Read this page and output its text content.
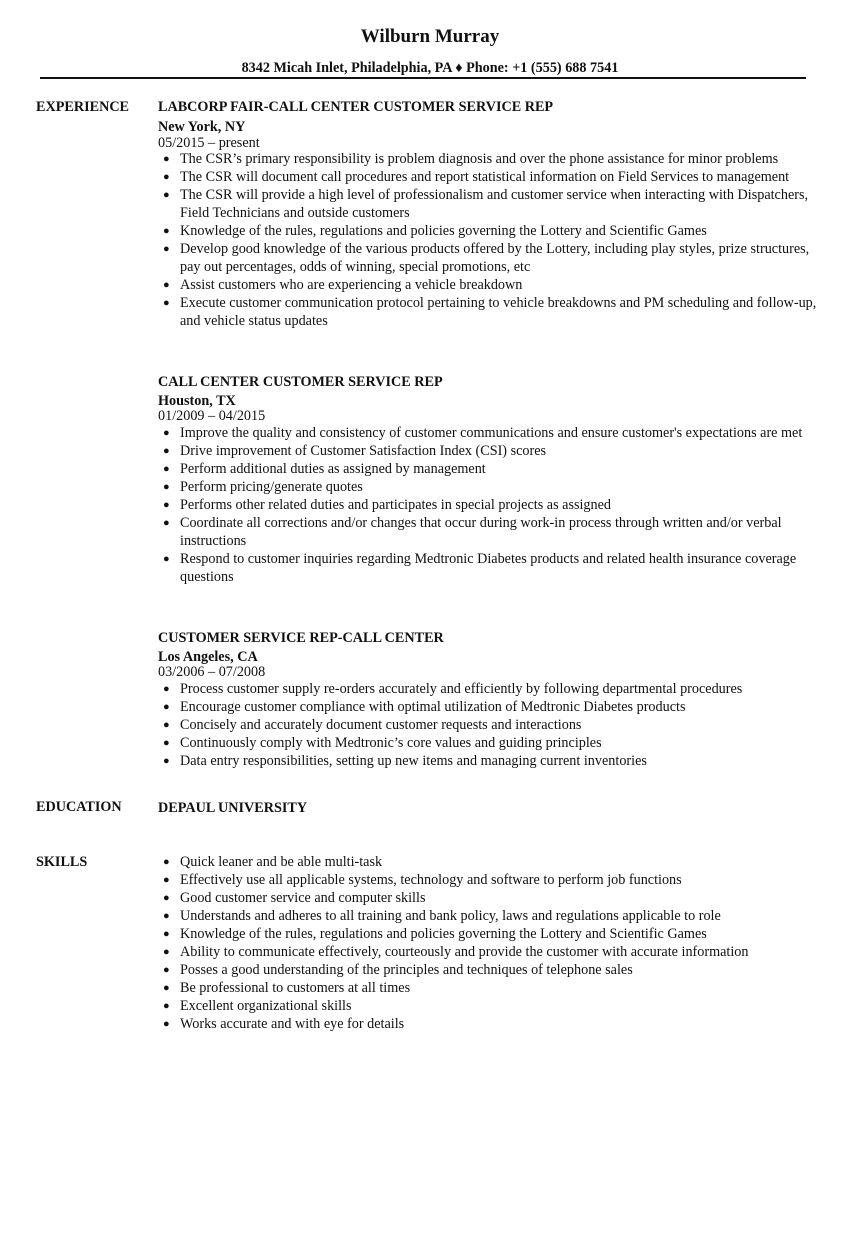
Wilburn Murray
8342 Micah Inlet, Philadelphia, PA ♦ Phone: +1 (555) 688 7541
EXPERIENCE LABCORP FAIR-CALL CENTER CUSTOMER SERVICE REP
New York, NY
05/2015 – present
● The CSR’s primary responsibility is problem diagnosis and over the phone assistance for minor problems
● The CSR will document call procedures and report statistical information on Field Services to management
● The CSR will provide a high level of professionalism and customer service when interacting with Dispatchers, Field Technicians and outside customers
● Knowledge of the rules, regulations and policies governing the Lottery and Scientific Games
● Develop good knowledge of the various products offered by the Lottery, including play styles, prize structures, pay out percentages, odds of winning, special promotions, etc
● Assist customers who are experiencing a vehicle breakdown
● Execute customer communication protocol pertaining to vehicle breakdowns and PM scheduling and follow-up, and vehicle status updates
CALL CENTER CUSTOMER SERVICE REP
Houston, TX
01/2009 – 04/2015
● Improve the quality and consistency of customer communications and ensure customer's expectations are met
● Drive improvement of Customer Satisfaction Index (CSI) scores
● Perform additional duties as assigned by management
● Perform pricing/generate quotes
● Performs other related duties and participates in special projects as assigned
● Coordinate all corrections and/or changes that occur during work-in process through written and/or verbal instructions
● Respond to customer inquiries regarding Medtronic Diabetes products and related health insurance coverage questions
CUSTOMER SERVICE REP-CALL CENTER
Los Angeles, CA
03/2006 – 07/2008
● Process customer supply re-orders accurately and efficiently by following departmental procedures
● Encourage customer compliance with optimal utilization of Medtronic Diabetes products
● Concisely and accurately document customer requests and interactions
● Continuously comply with Medtronic’s core values and guiding principles
● Data entry responsibilities, setting up new items and managing current inventories
EDUCATION	DEPAUL UNIVERSITY
SKILLS	● Quick leaner and be able multi-task
● Effectively use all applicable systems, technology and software to perform job functions
● Good customer service and computer skills
● Understands and adheres to all training and bank policy, laws and regulations applicable to role
● Knowledge of the rules, regulations and policies governing the Lottery and Scientific Games
● Ability to communicate effectively, courteously and provide the customer with accurate information
● Posses a good understanding of the principles and techniques of telephone sales
● Be professional to customers at all times
● Excellent organizational skills
● Works accurate and with eye for details
